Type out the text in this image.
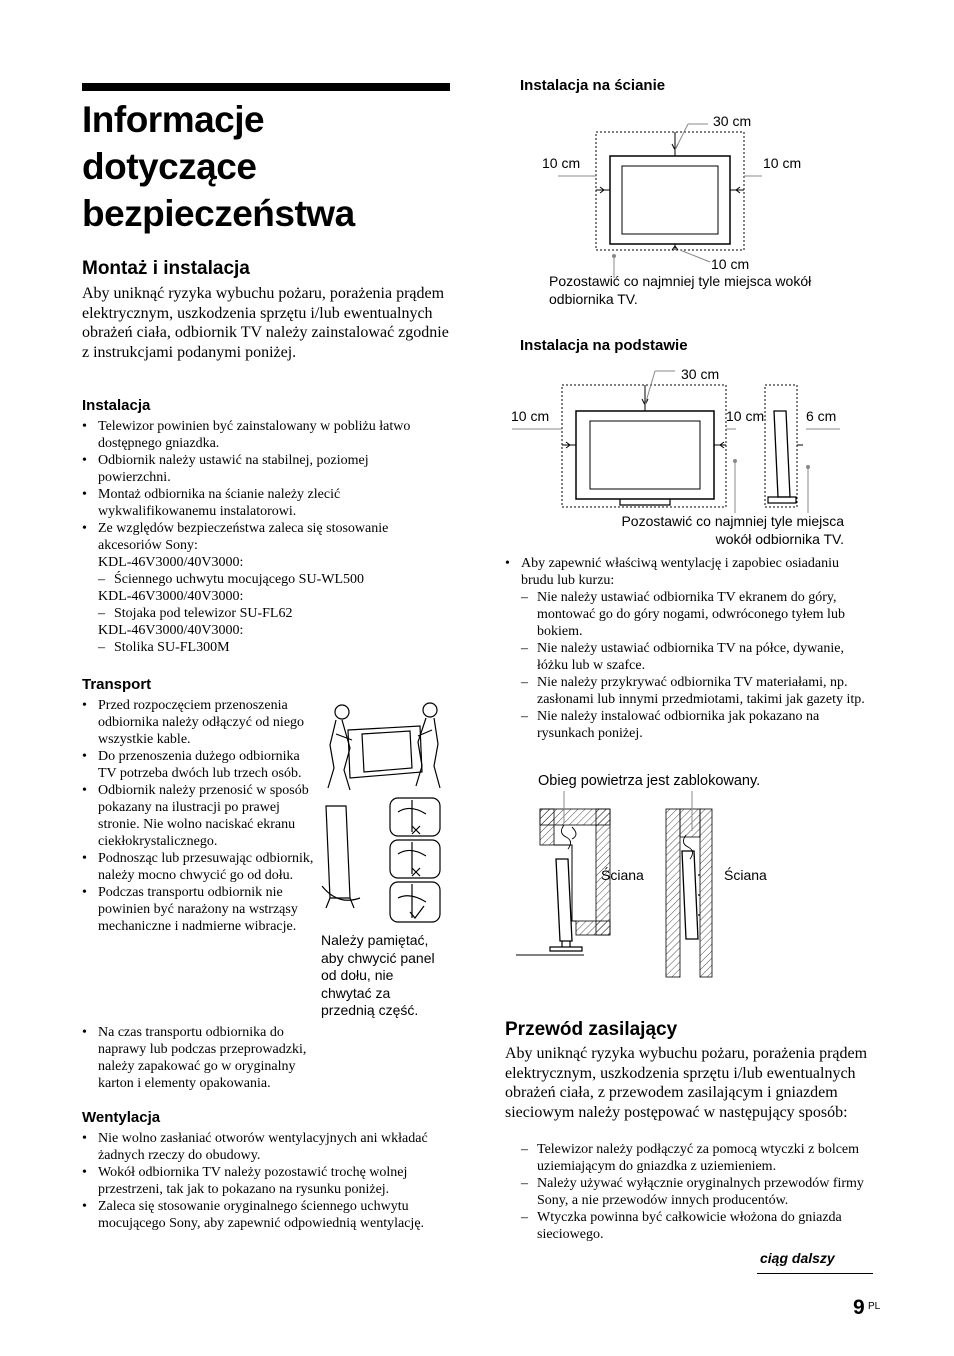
Informacje
dotyczące
bezpieczeństwa
Montaż i instalacja

Aby uniknąć ryzyka wybuchu pożaru, porażenia prądem elektrycznym, uszkodzenia sprzętu i/lub ewentualnych obrażeń ciała, odbiornik TV należy zainstalować zgodnie z instrukcjami podanymi poniżej.

Instalacja
• Telewizor powinien być zainstalowany w pobliżu łatwo dostępnego gniazdka.
• Odbiornik należy ustawić na stabilnej, poziomej powierzchni.
• Montaż odbiornika na ścianie należy zlecić wykwalifikowanemu instalatorowi.
• Ze względów bezpieczeństwa zaleca się stosowanie akcesoriów Sony:
KDL-46V3000/40V3000:
– Ściennego uchwytu mocującego SU-WL500
KDL-46V3000/40V3000:
– Stojaka pod telewizor SU-FL62
KDL-46V3000/40V3000:
– Stolika SU-FL300M
Transport
• Przed rozpoczęciem przenoszenia odbiornika należy odłączyć od niego wszystkie kable.
• Do przenoszenia dużego odbiornika TV potrzeba dwóch lub trzech osób.
• Odbiornik należy przenosić w sposób pokazany na ilustracji po prawej stronie. Nie wolno naciskać ekranu ciekłokrystalicznego.
• Podnosząc lub przesuwając odbiornik, należy mocno chwycić go od dołu.
• Podczas transportu odbiornik nie powinien być narażony na wstrząsy mechaniczne i nadmierne wibracje.
• Na czas transportu odbiornika do naprawy lub podczas przeprowadzki, należy zapakować go w oryginalny karton i elementy opakowania.
Należy pamiętać, aby chwycić panel od dołu, nie chwytać za przednią część.
Wentylacja
• Nie wolno zasłaniać otworów wentylacyjnych ani wkładać żadnych rzeczy do obudowy.
• Wokół odbiornika TV należy pozostawić trochę wolnej przestrzeni, tak jak to pokazano na rysunku poniżej.
• Zaleca się stosowanie oryginalnego ściennego uchwytu mocującego Sony, aby zapewnić odpowiednią wentylację.
Instalacja na ścianie
30 cm
10 cm	10 cm
10 cm
Pozostawić co najmniej tyle miejsca wokół odbiornika TV.
Instalacja na podstawie
30 cm
10 cm	10 cm	6 cm
Pozostawić co najmniej tyle miejsca
wokół odbiornika TV.
• Aby zapewnić właściwą wentylację i zapobiec osiadaniu brudu lub kurzu:
– Nie należy ustawiać odbiornika TV ekranem do góry, montować go do góry nogami, odwróconego tyłem lub bokiem.
– Nie należy ustawiać odbiornika TV na półce, dywanie, łóżku lub w szafce.
– Nie należy przykrywać odbiornika TV materiałami, np. zasłonami lub innymi przedmiotami, takimi jak gazety itp.
– Nie należy instalować odbiornika jak pokazano na rysunkach poniżej.
Obieg powietrza jest zablokowany.
Ściana	Ściana
Przewód zasilający

Aby uniknąć ryzyka wybuchu pożaru, porażenia prądem elektrycznym, uszkodzenia sprzętu i/lub ewentualnych obrażeń ciała, z przewodem zasilającym i gniazdem sieciowym należy postępować w następujący sposób:

– Telewizor należy podłączyć za pomocą wtyczki z bolcem uziemiającym do gniazdka z uziemieniem.
– Należy używać wyłącznie oryginalnych przewodów firmy Sony, a nie przewodów innych producentów.
– Wtyczka powinna być całkowicie włożona do gniazda sieciowego.
ciąg dalszy
9 PL
